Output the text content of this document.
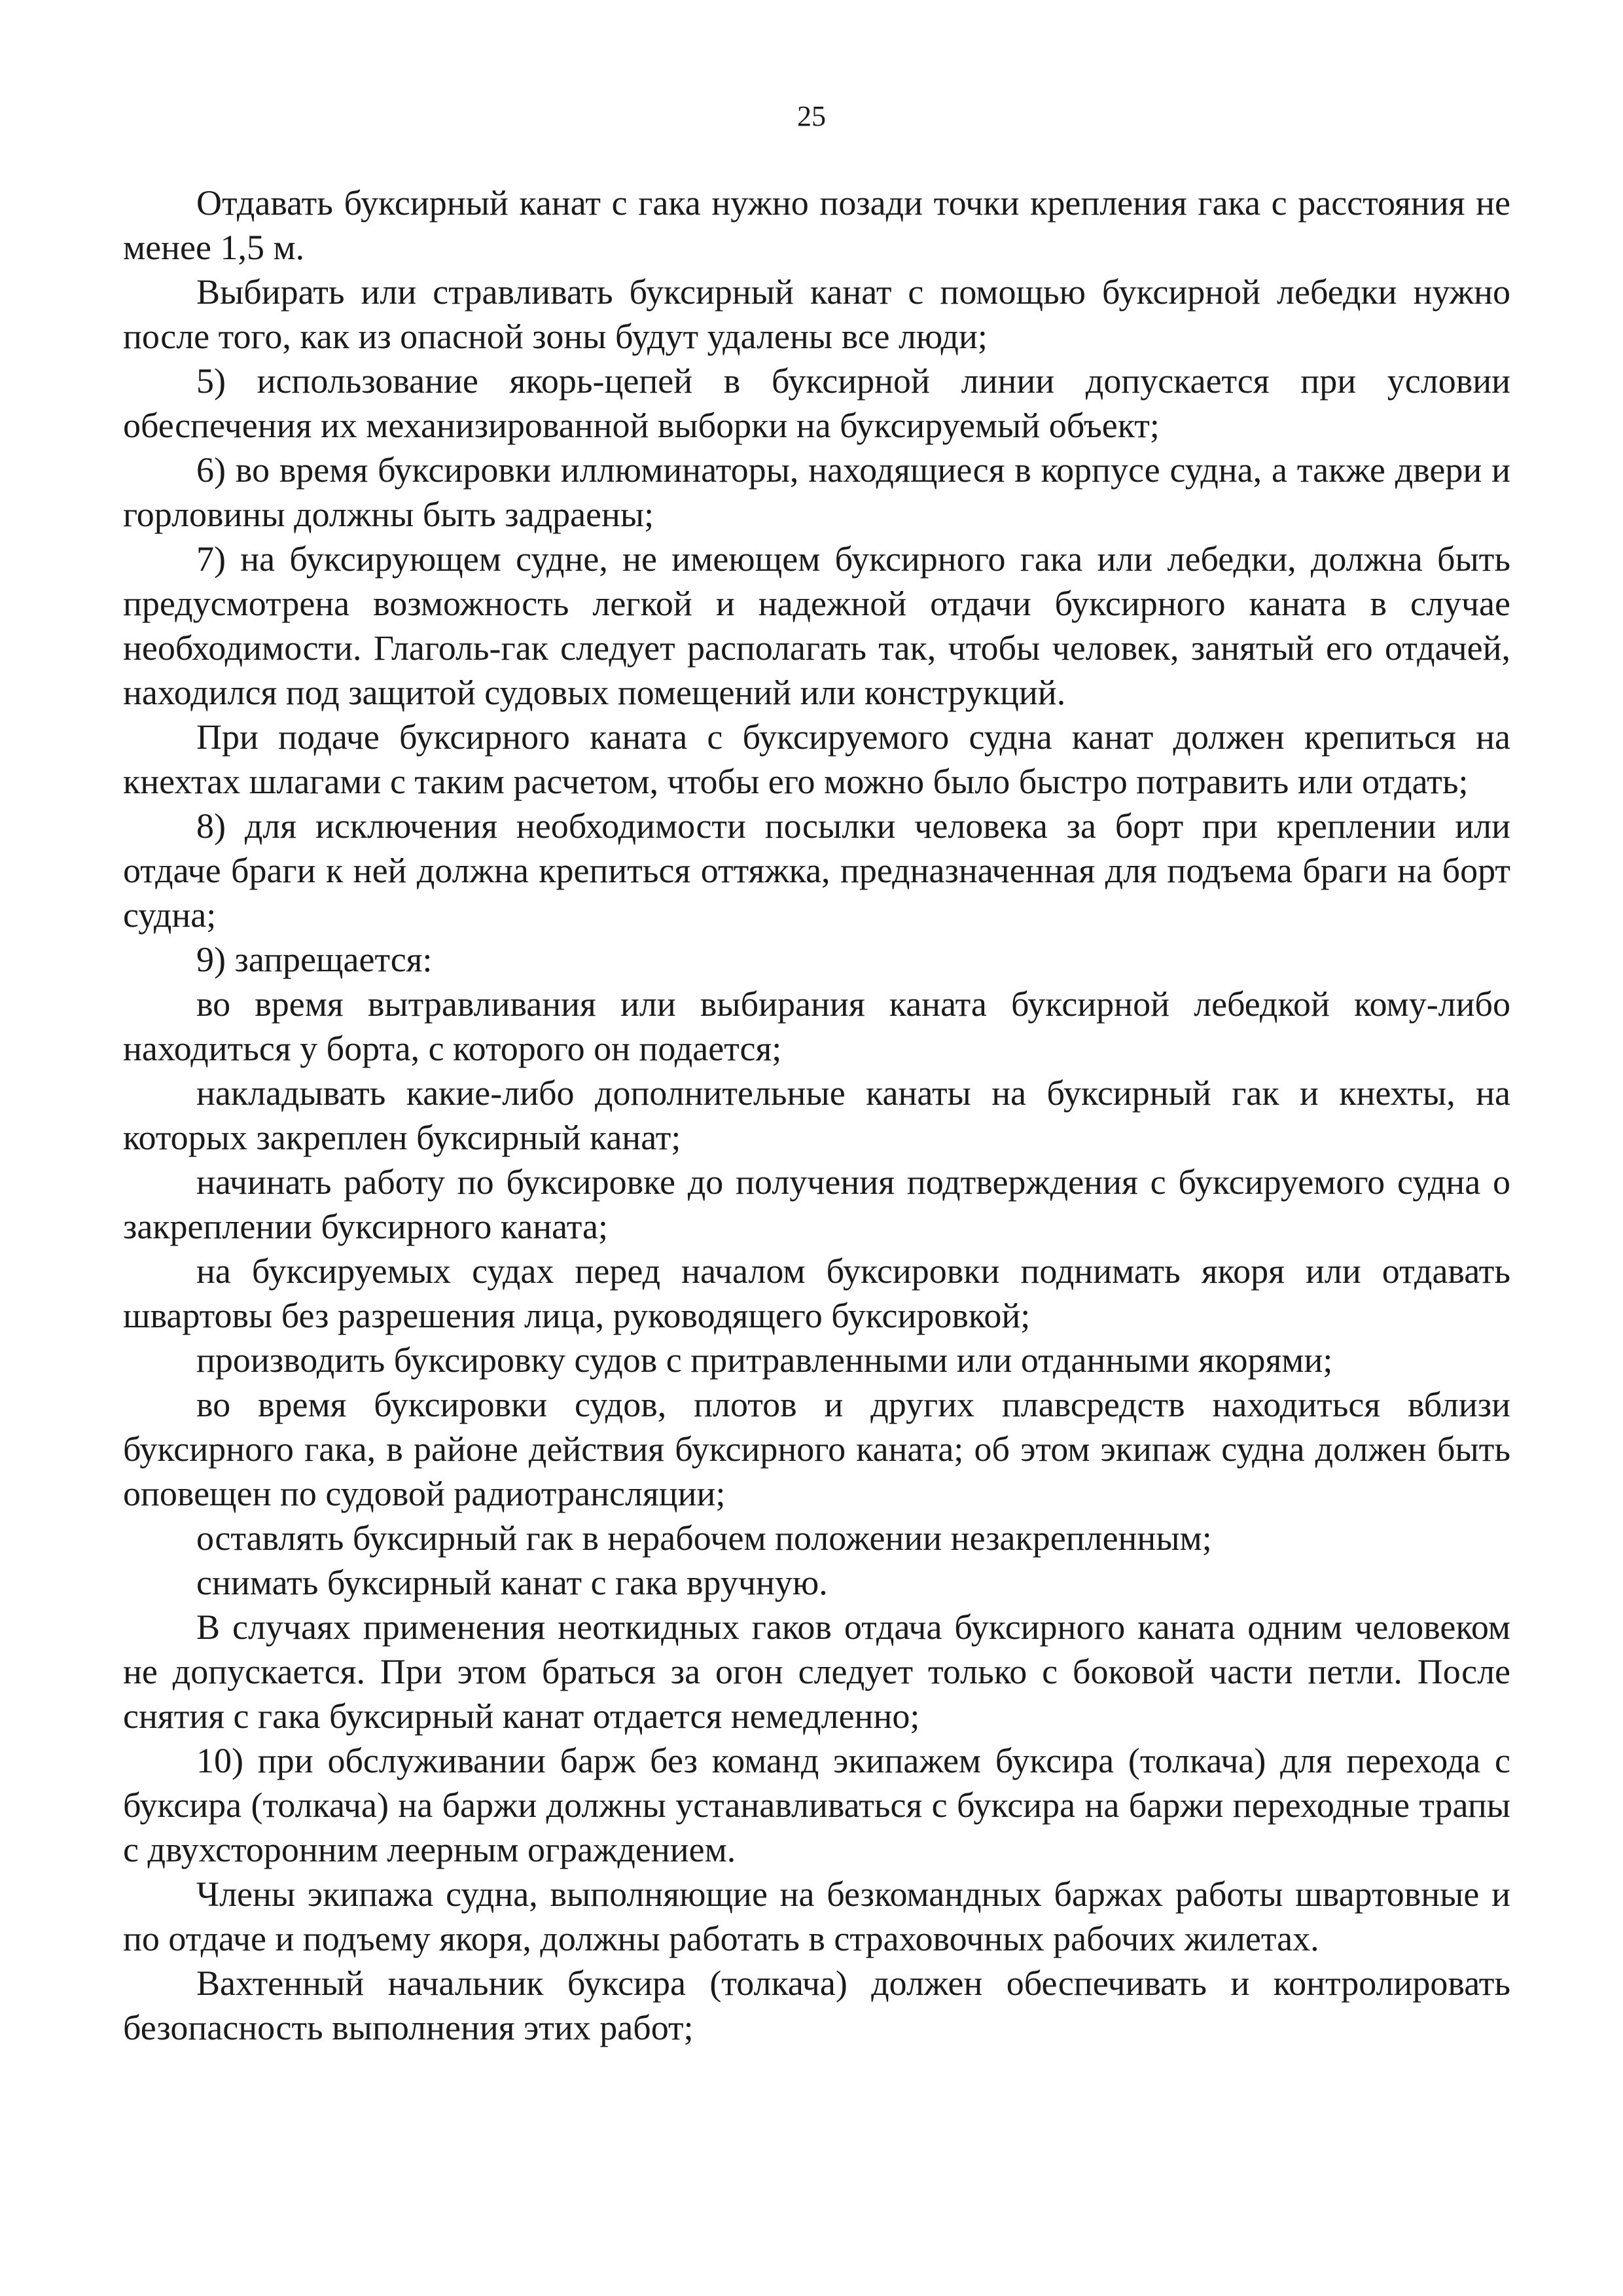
25

Отдавать буксирный канат с гака нужно позади точки крепления гака с расстояния не менее 1,5 м.

Выбирать или стравливать буксирный канат с помощью буксирной лебедки нужно после того, как из опасной зоны будут удалены все люди;

5) использование якорь-цепей в буксирной линии допускается при условии обеспечения их механизированной выборки на буксируемый объект;

6) во время буксировки иллюминаторы, находящиеся в корпусе судна, а также двери и горловины должны быть задраены;

7) на буксирующем судне, не имеющем буксирного гака или лебедки, должна быть предусмотрена возможность легкой и надежной отдачи буксирного каната в случае необходимости. Глаголь-гак следует располагать так, чтобы человек, занятый его отдачей, находился под защитой судовых помещений или конструкций.

При подаче буксирного каната с буксируемого судна канат должен крепиться на кнехтах шлагами с таким расчетом, чтобы его можно было быстро потравить или отдать;

8) для исключения необходимости посылки человека за борт при креплении или отдаче браги к ней должна крепиться оттяжка, предназначенная для подъема браги на борт судна;

9) запрещается:

во время вытравливания или выбирания каната буксирной лебедкой кому-либо находиться у борта, с которого он подается;

накладывать какие-либо дополнительные канаты на буксирный гак и кнехты, на которых закреплен буксирный канат;

начинать работу по буксировке до получения подтверждения с буксируемого судна о закреплении буксирного каната;

на буксируемых судах перед началом буксировки поднимать якоря или отдавать швартовы без разрешения лица, руководящего буксировкой;

производить буксировку судов с притравленными или отданными якорями;

во время буксировки судов, плотов и других плавсредств находиться вблизи буксирного гака, в районе действия буксирного каната; об этом экипаж судна должен быть оповещен по судовой радиотрансляции;

оставлять буксирный гак в нерабочем положении незакрепленным;

снимать буксирный канат с гака вручную.

В случаях применения неоткидных гаков отдача буксирного каната одним человеком не допускается. При этом браться за огон следует только с боковой части петли. После снятия с гака буксирный канат отдается немедленно;

10) при обслуживании барж без команд экипажем буксира (толкача) для перехода с буксира (толкача) на баржи должны устанавливаться с буксира на баржи переходные трапы с двухсторонним леерным ограждением.

Члены экипажа судна, выполняющие на безкомандных баржах работы швартовные и по отдаче и подъему якоря, должны работать в страховочных рабочих жилетах.

Вахтенный начальник буксира (толкача) должен обеспечивать и контролировать безопасность выполнения этих работ;
